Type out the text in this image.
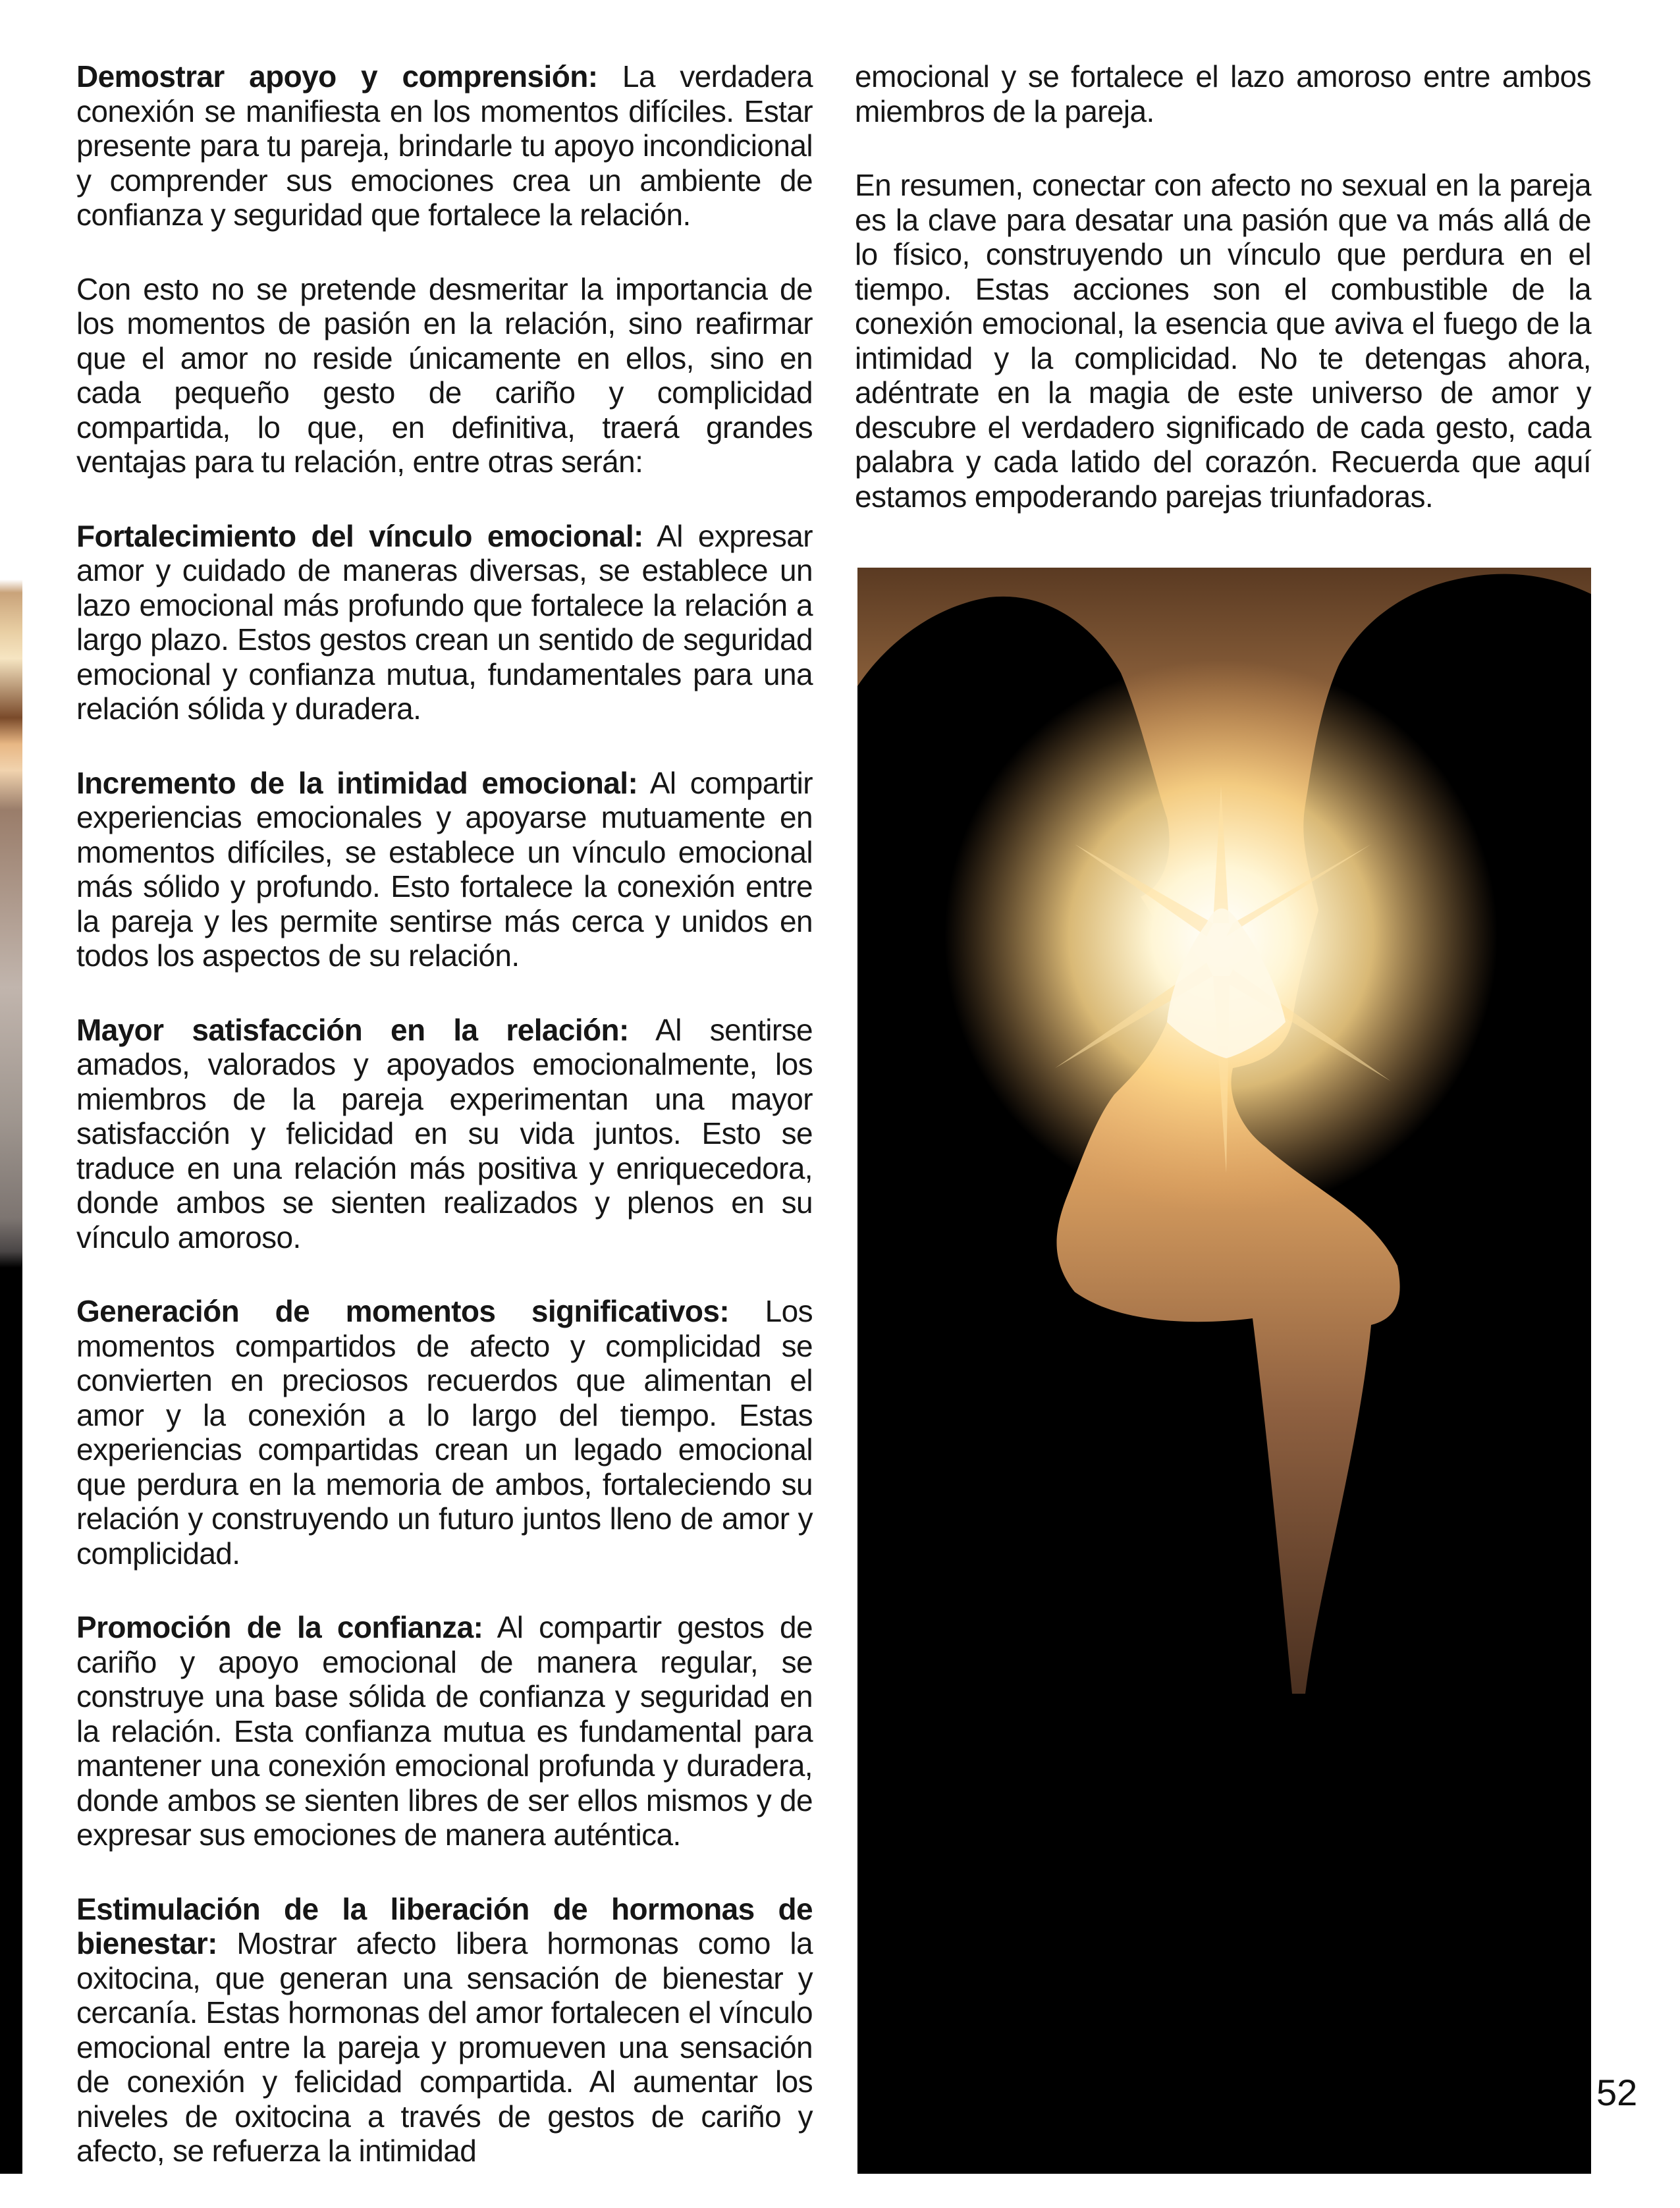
Demostrar apoyo y comprensión: La verdadera conexión se manifiesta en los momentos difíciles. Estar presente para tu pareja, brindarle tu apoyo incondicional y comprender sus emociones crea un ambiente de confianza y seguridad que fortalece la relación.

Con esto no se pretende desmeritar la importancia de los momentos de pasión en la relación, sino reafirmar que el amor no reside únicamente en ellos, sino en cada pequeño gesto de cariño y complicidad compartida, lo que, en definitiva, traerá grandes ventajas para tu relación, entre otras serán:

Fortalecimiento del vínculo emocional: Al expresar amor y cuidado de maneras diversas, se establece un lazo emocional más profundo que fortalece la relación a largo plazo. Estos gestos crean un sentido de seguridad emocional y confianza mutua, fundamentales para una relación sólida y duradera.

Incremento de la intimidad emocional: Al compartir experiencias emocionales y apoyarse mutuamente en momentos difíciles, se establece un vínculo emocional más sólido y profundo. Esto fortalece la conexión entre la pareja y les permite sentirse más cerca y unidos en todos los aspectos de su relación.

Mayor satisfacción en la relación: Al sentirse amados, valorados y apoyados emocionalmente, los miembros de la pareja experimentan una mayor satisfacción y felicidad en su vida juntos. Esto se traduce en una relación más positiva y enriquecedora, donde ambos se sienten realizados y plenos en su vínculo amoroso.

Generación de momentos significativos: Los momentos compartidos de afecto y complicidad se convierten en preciosos recuerdos que alimentan el amor y la conexión a lo largo del tiempo. Estas experiencias compartidas crean un legado emocional que perdura en la memoria de ambos, fortaleciendo su relación y construyendo un futuro juntos lleno de amor y complicidad.

Promoción de la confianza: Al compartir gestos de cariño y apoyo emocional de manera regular, se construye una base sólida de confianza y seguridad en la relación. Esta confianza mutua es fundamental para mantener una conexión emocional profunda y duradera, donde ambos se sienten libres de ser ellos mismos y de expresar sus emociones de manera auténtica.

Estimulación de la liberación de hormonas de bienestar: Mostrar afecto libera hormonas como la oxitocina, que generan una sensación de bienestar y cercanía. Estas hormonas del amor fortalecen el vínculo emocional entre la pareja y promueven una sensación de conexión y felicidad compartida. Al aumentar los niveles de oxitocina a través de gestos de cariño y afecto, se refuerza la intimidad

emocional y se fortalece el lazo amoroso entre ambos miembros de la pareja.

En resumen, conectar con afecto no sexual en la pareja es la clave para desatar una pasión que va más allá de lo físico, construyendo un vínculo que perdura en el tiempo. Estas acciones son el combustible de la conexión emocional, la esencia que aviva el fuego de la intimidad y la complicidad. No te detengas ahora, adéntrate en la magia de este universo de amor y descubre el verdadero significado de cada gesto, cada palabra y cada latido del corazón. Recuerda que aquí estamos empoderando parejas triunfadoras.

52
